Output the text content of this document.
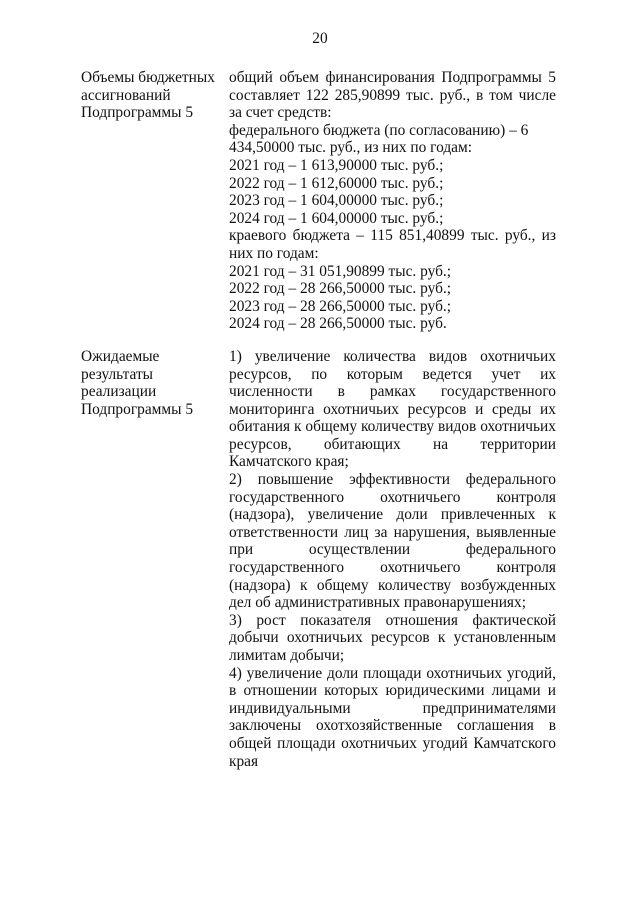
20
Объемы бюджетных
ассигнований
Подпрограммы 5
общий объем финансирования Подпрограммы 5 составляет 122 285,90899 тыс. руб., в том числе за счет средств:
федерального бюджета (по согласованию) – 6 434,50000 тыс. руб., из них по годам:
2021 год – 1 613,90000 тыс. руб.;
2022 год – 1 612,60000 тыс. руб.;
2023 год – 1 604,00000 тыс. руб.;
2024 год – 1 604,00000 тыс. руб.;
краевого бюджета – 115 851,40899 тыс. руб., из них по годам:
2021 год – 31 051,90899 тыс. руб.;
2022 год – 28 266,50000 тыс. руб.;
2023 год – 28 266,50000 тыс. руб.;
2024 год – 28 266,50000 тыс. руб.
Ожидаемые
результаты
реализации
Подпрограммы 5
1) увеличение количества видов охотничьих ресурсов, по которым ведется учет их численности в рамках государственного мониторинга охотничьих ресурсов и среды их обитания к общему количеству видов охотничьих ресурсов, обитающих на территории Камчатского края;
2) повышение эффективности федерального государственного охотничьего контроля (надзора), увеличение доли привлеченных к ответственности лиц за нарушения, выявленные при осуществлении федерального государственного охотничьего контроля (надзора) к общему количеству возбужденных дел об административных правонарушениях;
3) рост показателя отношения фактической добычи охотничьих ресурсов к установленным лимитам добычи;
4) увеличение доли площади охотничьих угодий, в отношении которых юридическими лицами и индивидуальными предпринимателями заключены охотхозяйственные соглашения в общей площади охотничьих угодий Камчатского края
